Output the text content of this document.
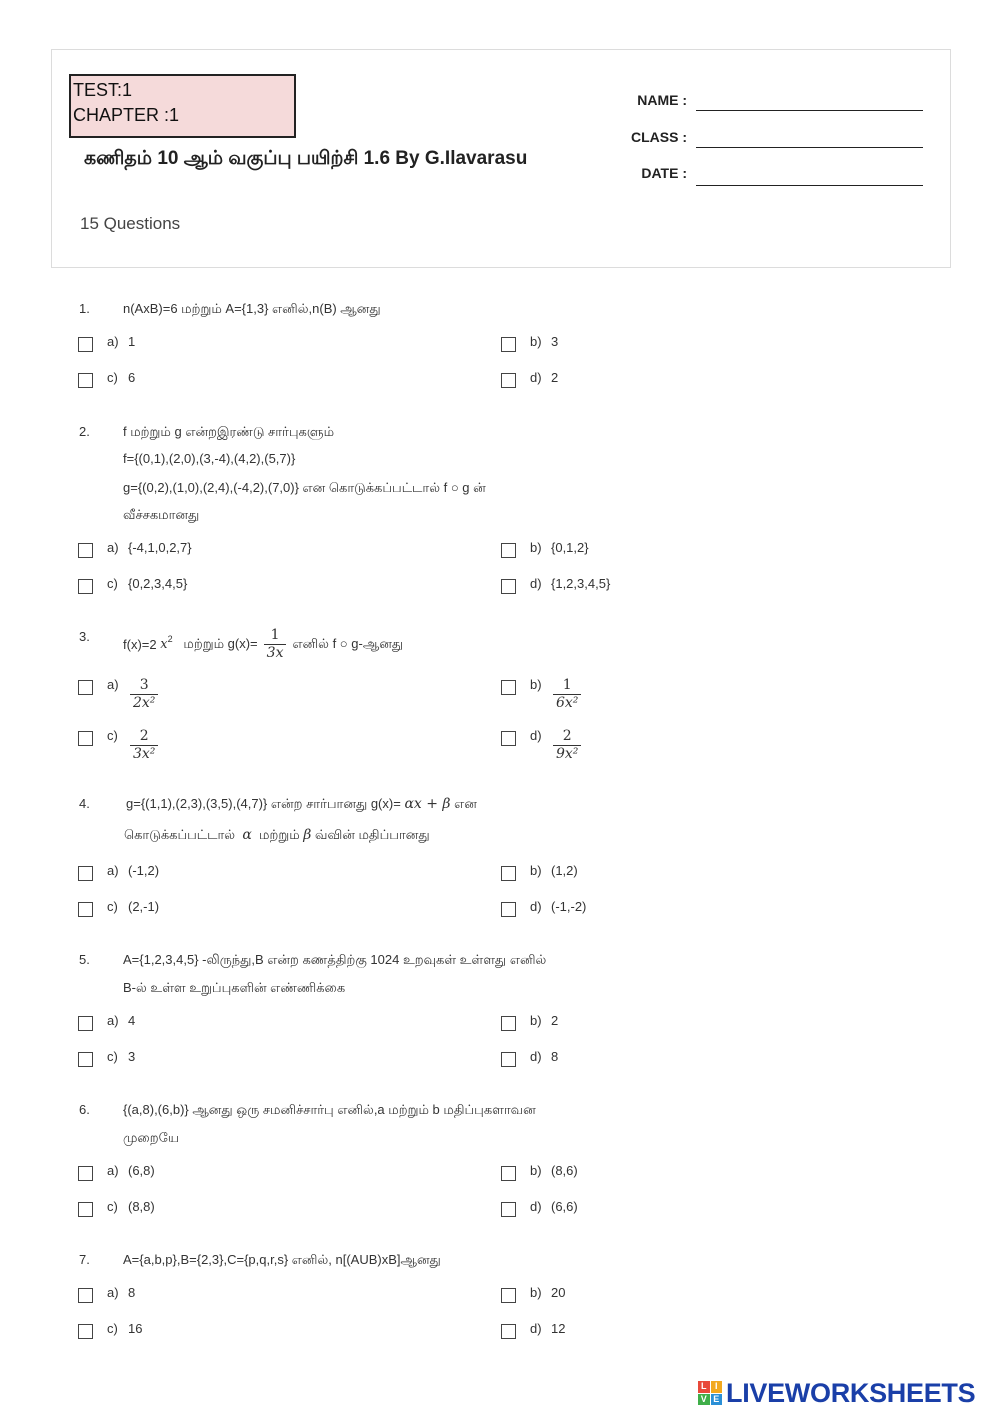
TEST:1
CHAPTER :1
கணிதம் 10 ஆம் வகுப்பு பயிற்சி 1.6 By G.Ilavarasu
15 Questions
NAME :
CLASS :
DATE :
1.	n(AxB)=6 மற்றும் A={1,3} எனில்,n(B) ஆனது
a) 1	b) 3
c) 6	d) 2
2.	f மற்றும் g என்றஇரண்டு சார்புகளும்
f={(0,1),(2,0),(3,-4),(4,2),(5,7)}
g={(0,2),(1,0),(2,4),(-4,2),(7,0)} என கொடுக்கப்பட்டால் f ○ g ன்
வீச்சகமானது
a) {-4,1,0,2,7}	b) {0,1,2}
c) {0,2,3,4,5}	d) {1,2,3,4,5}
3.	f(x)=2
$x^2$
மற்றும் $g(x)= \frac{1}{3x}$ எனில் f ○ g-ஆனது
$a) \frac{3}{\text{2x²}}$	$b) \frac{1}{\text{6x²}}$
$c) \frac{2}{\text{3x²}}$	$d) \frac{2}{\text{9x²}}$
4.	g={(1,1),(2,3),(3,5),(4,7)} என்ற சார்பானது g(x)= αx + β என
கொடுக்கப்பட்டால் α மற்றும் β வ்வின் மதிப்பானது
a) (-1,2)	b) (1,2)
c) (2,-1)	d) (-1,-2)
5.	A={1,2,3,4,5} -லிருந்து,B என்ற கணத்திற்கு 1024 உறவுகள் உள்ளது எனில்
B-ல் உள்ள உறுப்புகளின் எண்ணிக்கை
a) 4	b) 2
c) 3	d) 8
6.	{(a,8),(6,b)} ஆனது ஒரு சமனிச்சார்பு எனில்,a மற்றும் b மதிப்புகளாவன
முறையே
a) (6,8)	b) (8,6)
c) (8,8)	d) (6,6)
7.	A={a,b,p},B={2,3},C={p,q,r,s} எனில், n[(AUB)xB]ஆனது
a) 8	b) 20
c) 16	d) 12
L I
V E LIVEWORKSHEETS
